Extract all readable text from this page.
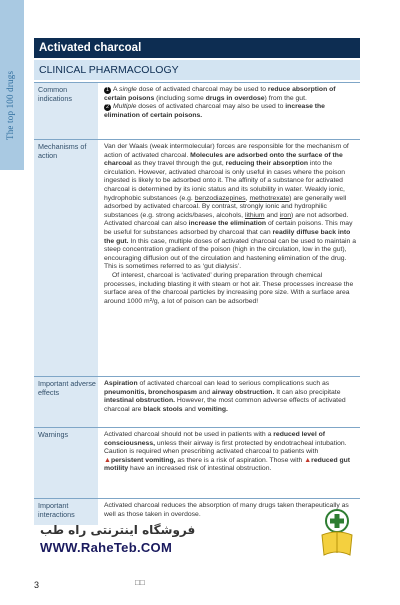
The top 100 drugs
Activated charcoal
CLINICAL PHARMACOLOGY
Common indications

1 A single dose of activated charcoal may be used to reduce absorption of certain poisons (including some drugs in overdose) from the gut.

2 Multiple doses of activated charcoal may also be used to increase the elimination of certain poisons.

Mechanisms of action

Van der Waals (weak intermolecular) forces are responsible for the mechanism of action of activated charcoal. Molecules are adsorbed onto the surface of the charcoal as they travel through the gut, reducing their absorption into the circulation. However, activated charcoal is only useful in cases where the poison ingested is likely to be adsorbed onto it. The affinity of a substance for activated charcoal is determined by its ionic status and its solubility in water. Weakly ionic, hydrophobic substances (e.g. benzodiazepines, methotrexate) are generally well adsorbed by activated charcoal. By contrast, strongly ionic and hydrophilic substances (e.g. strong acids/bases, alcohols, lithium and iron) are not adsorbed. Activated charcoal can also increase the elimination of certain poisons. This may be useful for substances adsorbed by charcoal that can readily diffuse back into the gut. In this case, multiple doses of activated charcoal can be used to maintain a steep concentration gradient of the poison (high in the circulation, low in the gut), encouraging diffusion out of the circulation and hastening elimination of the drug. This is sometimes referred to as ‘gut dialysis’.

Of interest, charcoal is ‘activated’ during preparation through chemical processes, including blasting it with steam or hot air. These processes increase the surface area of the charcoal particles by increasing pore size. With a surface area around 1000 m²/g, a lot of poison can be adsorbed!

Important adverse effects

Aspiration of activated charcoal can lead to serious complications such as pneumonitis, bronchospasm and airway obstruction. It can also precipitate intestinal obstruction. However, the most common adverse effects of activated charcoal are black stools and vomiting.

Warnings	Activated charcoal should not be used in patients with a reduced level of consciousness, unless their airway is first protected by endotracheal intubation. Caution is required when prescribing activated charcoal to patients with ▲persistent vomiting, as there is a risk of aspiration. Those with ▲reduced gut motility have an increased risk of intestinal obstruction.

Important interactions

Activated charcoal reduces the absorption of many drugs taken therapeutically as well as those taken in overdose.

فروشگاه اینترنتی راه طب
WWW.RaheTeb.COM
3	□□
